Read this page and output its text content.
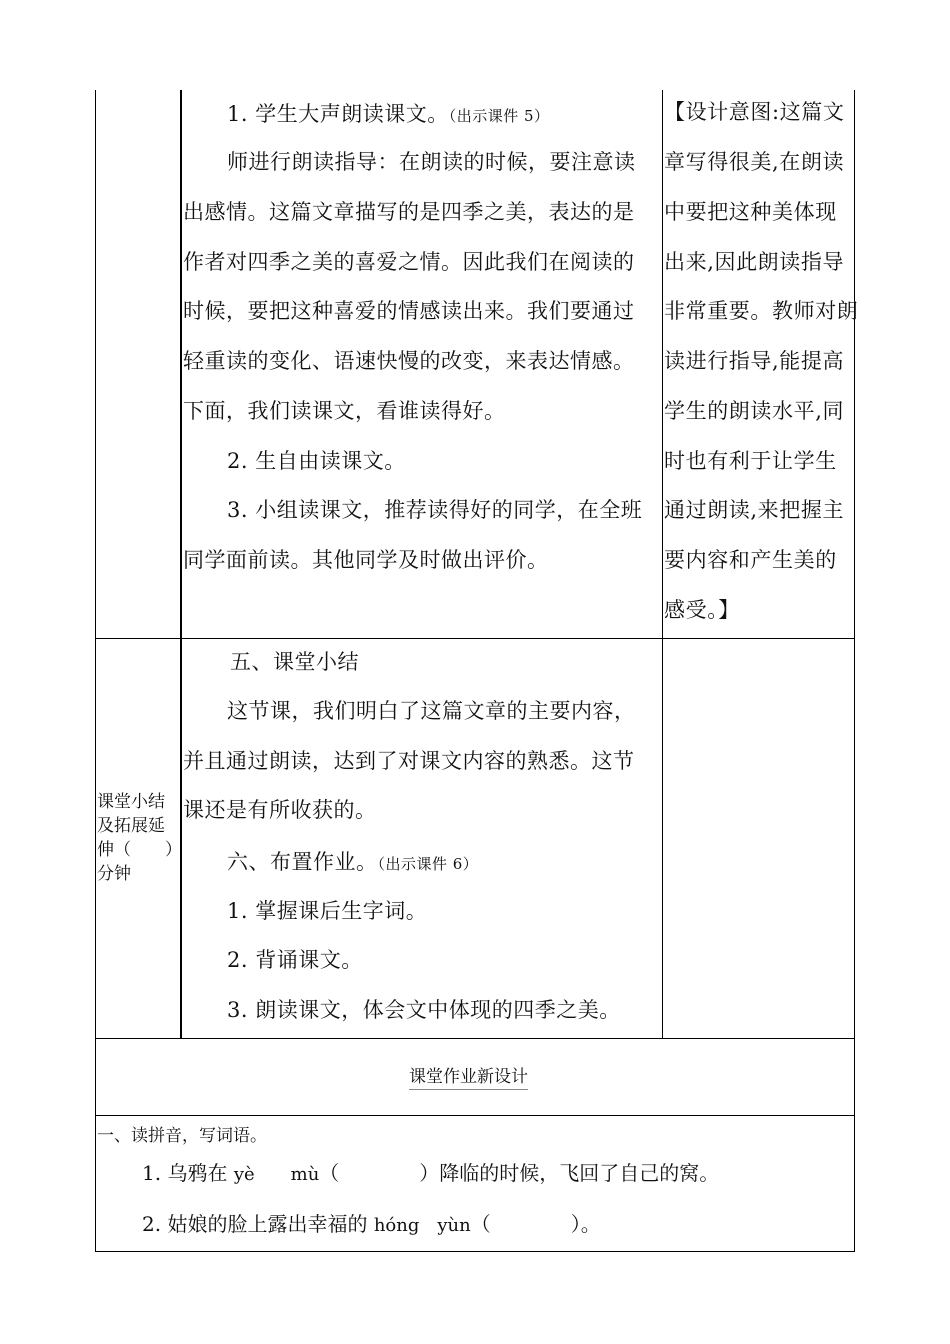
1. 学生大声朗读课文。（出示课件 5）
师进行朗读指导：在朗读的时候，要注意读
出感情。这篇文章描写的是四季之美，表达的是
作者对四季之美的喜爱之情。因此我们在阅读的
时候，要把这种喜爱的情感读出来。我们要通过
轻重读的变化、语速快慢的改变，来表达情感。
下面，我们读课文，看谁读得好。
2. 生自由读课文。
3. 小组读课文，推荐读得好的同学，在全班
同学面前读。其他同学及时做出评价。
【设计意图:这篇文
章写得很美,在朗读
中要把这种美体现
出来,因此朗读指导
非常重要。教师对朗
读进行指导,能提高
学生的朗读水平,同
时也有利于让学生
通过朗读,来把握主
要内容和产生美的
感受。】
课堂小结
及拓展延
伸（　　）
分钟
五、课堂小结
这节课，我们明白了这篇文章的主要内容，
并且通过朗读，达到了对课文内容的熟悉。这节
课还是有所收获的。
六、布置作业。（出示课件 6）
1. 掌握课后生字词。
2. 背诵课文。
3. 朗读课文，体会文中体现的四季之美。
课堂作业新设计
一、读拼音，写词语。
1. 乌鸦在 yè　　mù（　　　　）降临的时候，飞回了自己的窝。
2. 姑娘的脸上露出幸福的 hóng　yùn（　　　　）。
